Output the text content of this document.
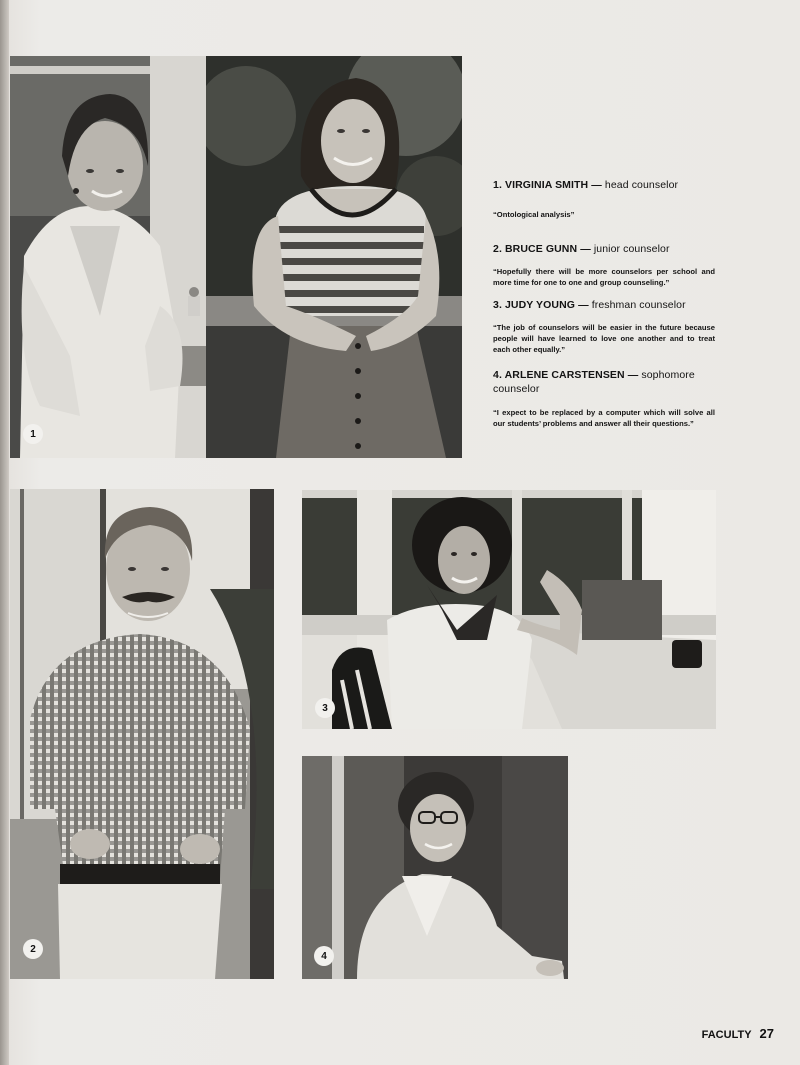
1
2
3
4

1. VIRGINIA SMITH — head counselor

“Ontological analysis”

2. BRUCE GUNN — junior counselor

“Hopefully there will be more counselors per school and more time for one to one and group counseling.”

3. JUDY YOUNG — freshman counselor

“The job of counselors will be easier in the future because people will have learned to love one another and to treat each other equally.”

4. ARLENE CARSTENSEN — sophomore counselor

“I expect to be replaced by a computer which will solve all our students’ problems and answer all their questions.”

FACULTY 27
